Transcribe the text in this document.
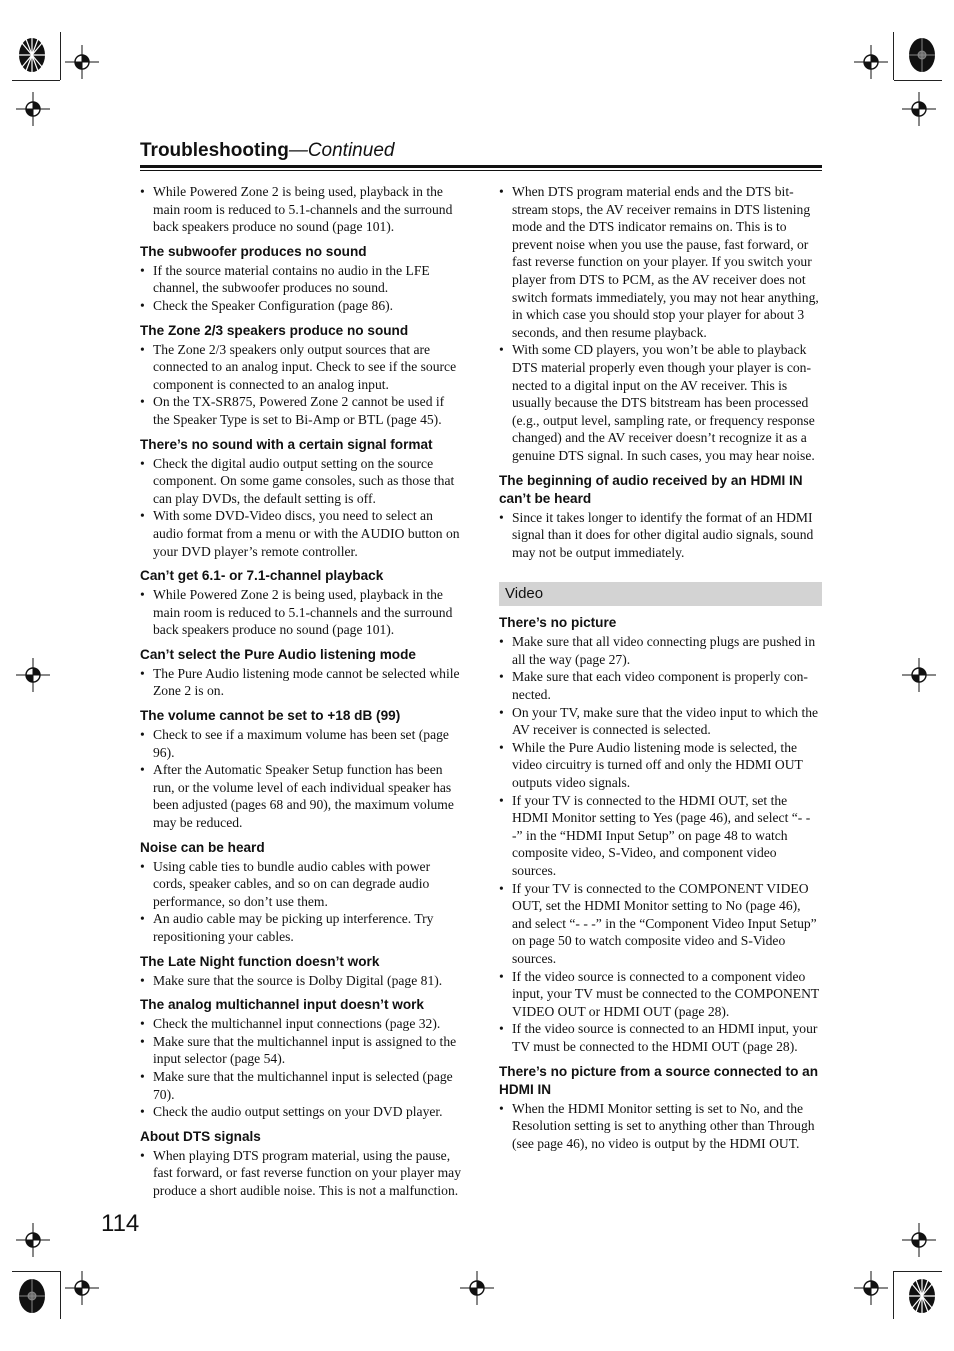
Troubleshooting—Continued
• While Powered Zone 2 is being used, playback in the main room is reduced to 5.1-channels and the surround back speakers produce no sound (page 101).
The subwoofer produces no sound
• If the source material contains no audio in the LFE channel, the subwoofer produces no sound.
• Check the Speaker Configuration (page 86).
The Zone 2/3 speakers produce no sound
• The Zone 2/3 speakers only output sources that are connected to an analog input. Check to see if the source component is connected to an analog input.
• On the TX-SR875, Powered Zone 2 cannot be used if the Speaker Type is set to Bi-Amp or BTL (page 45).
There’s no sound with a certain signal format
• Check the digital audio output setting on the source component. On some game consoles, such as those that can play DVDs, the default setting is off.
• With some DVD-Video discs, you need to select an audio format from a menu or with the AUDIO button on your DVD player’s remote controller.
Can’t get 6.1- or 7.1-channel playback
• While Powered Zone 2 is being used, playback in the main room is reduced to 5.1-channels and the surround back speakers produce no sound (page 101).
Can’t select the Pure Audio listening mode
• The Pure Audio listening mode cannot be selected while Zone 2 is on.
The volume cannot be set to +18 dB (99)
• Check to see if a maximum volume has been set (page 96).
• After the Automatic Speaker Setup function has been run, or the volume level of each individual speaker has been adjusted (pages 68 and 90), the maximum volume may be reduced.
Noise can be heard
• Using cable ties to bundle audio cables with power cords, speaker cables, and so on can degrade audio performance, so don’t use them.
• An audio cable may be picking up interference. Try repositioning your cables.
The Late Night function doesn’t work
• Make sure that the source is Dolby Digital (page 81).
The analog multichannel input doesn’t work
• Check the multichannel input connections (page 32).
• Make sure that the multichannel input is assigned to the input selector (page 54).
• Make sure that the multichannel input is selected (page 70).
• Check the audio output settings on your DVD player.
About DTS signals
• When playing DTS program material, using the pause, fast forward, or fast reverse function on your player may produce a short audible noise. This is not a malfunction.
• When DTS program material ends and the DTS bitstream stops, the AV receiver remains in DTS listening mode and the DTS indicator remains on. This is to prevent noise when you use the pause, fast forward, or fast reverse function on your player. If you switch your player from DTS to PCM, as the AV receiver does not switch formats immediately, you may not hear anything, in which case you should stop your player for about 3 seconds, and then resume playback.
• With some CD players, you won’t be able to playback DTS material properly even though your player is connected to a digital input on the AV receiver. This is usually because the DTS bitstream has been processed (e.g., output level, sampling rate, or frequency response changed) and the AV receiver doesn’t recognize it as a genuine DTS signal. In such cases, you may hear noise.
The beginning of audio received by an HDMI IN can’t be heard
• Since it takes longer to identify the format of an HDMI signal than it does for other digital audio signals, sound may not be output immediately.
Video
There’s no picture
• Make sure that all video connecting plugs are pushed in all the way (page 27).
• Make sure that each video component is properly connected.
• On your TV, make sure that the video input to which the AV receiver is connected is selected.
• While the Pure Audio listening mode is selected, the video circuitry is turned off and only the HDMI OUT outputs video signals.
• If your TV is connected to the HDMI OUT, set the HDMI Monitor setting to Yes (page 46), and select “- - -” in the “HDMI Input Setup” on page 48 to watch composite video, S-Video, and component video sources.
• If your TV is connected to the COMPONENT VIDEO OUT, set the HDMI Monitor setting to No (page 46), and select “- - -” in the “Component Video Input Setup” on page 50 to watch composite video and S-Video sources.
• If the video source is connected to a component video input, your TV must be connected to the COMPONENT VIDEO OUT or HDMI OUT (page 28).
• If the video source is connected to an HDMI input, your TV must be connected to the HDMI OUT (page 28).
There’s no picture from a source connected to an HDMI IN
• When the HDMI Monitor setting is set to No, and the Resolution setting is set to anything other than Through (see page 46), no video is output by the HDMI OUT.
114
